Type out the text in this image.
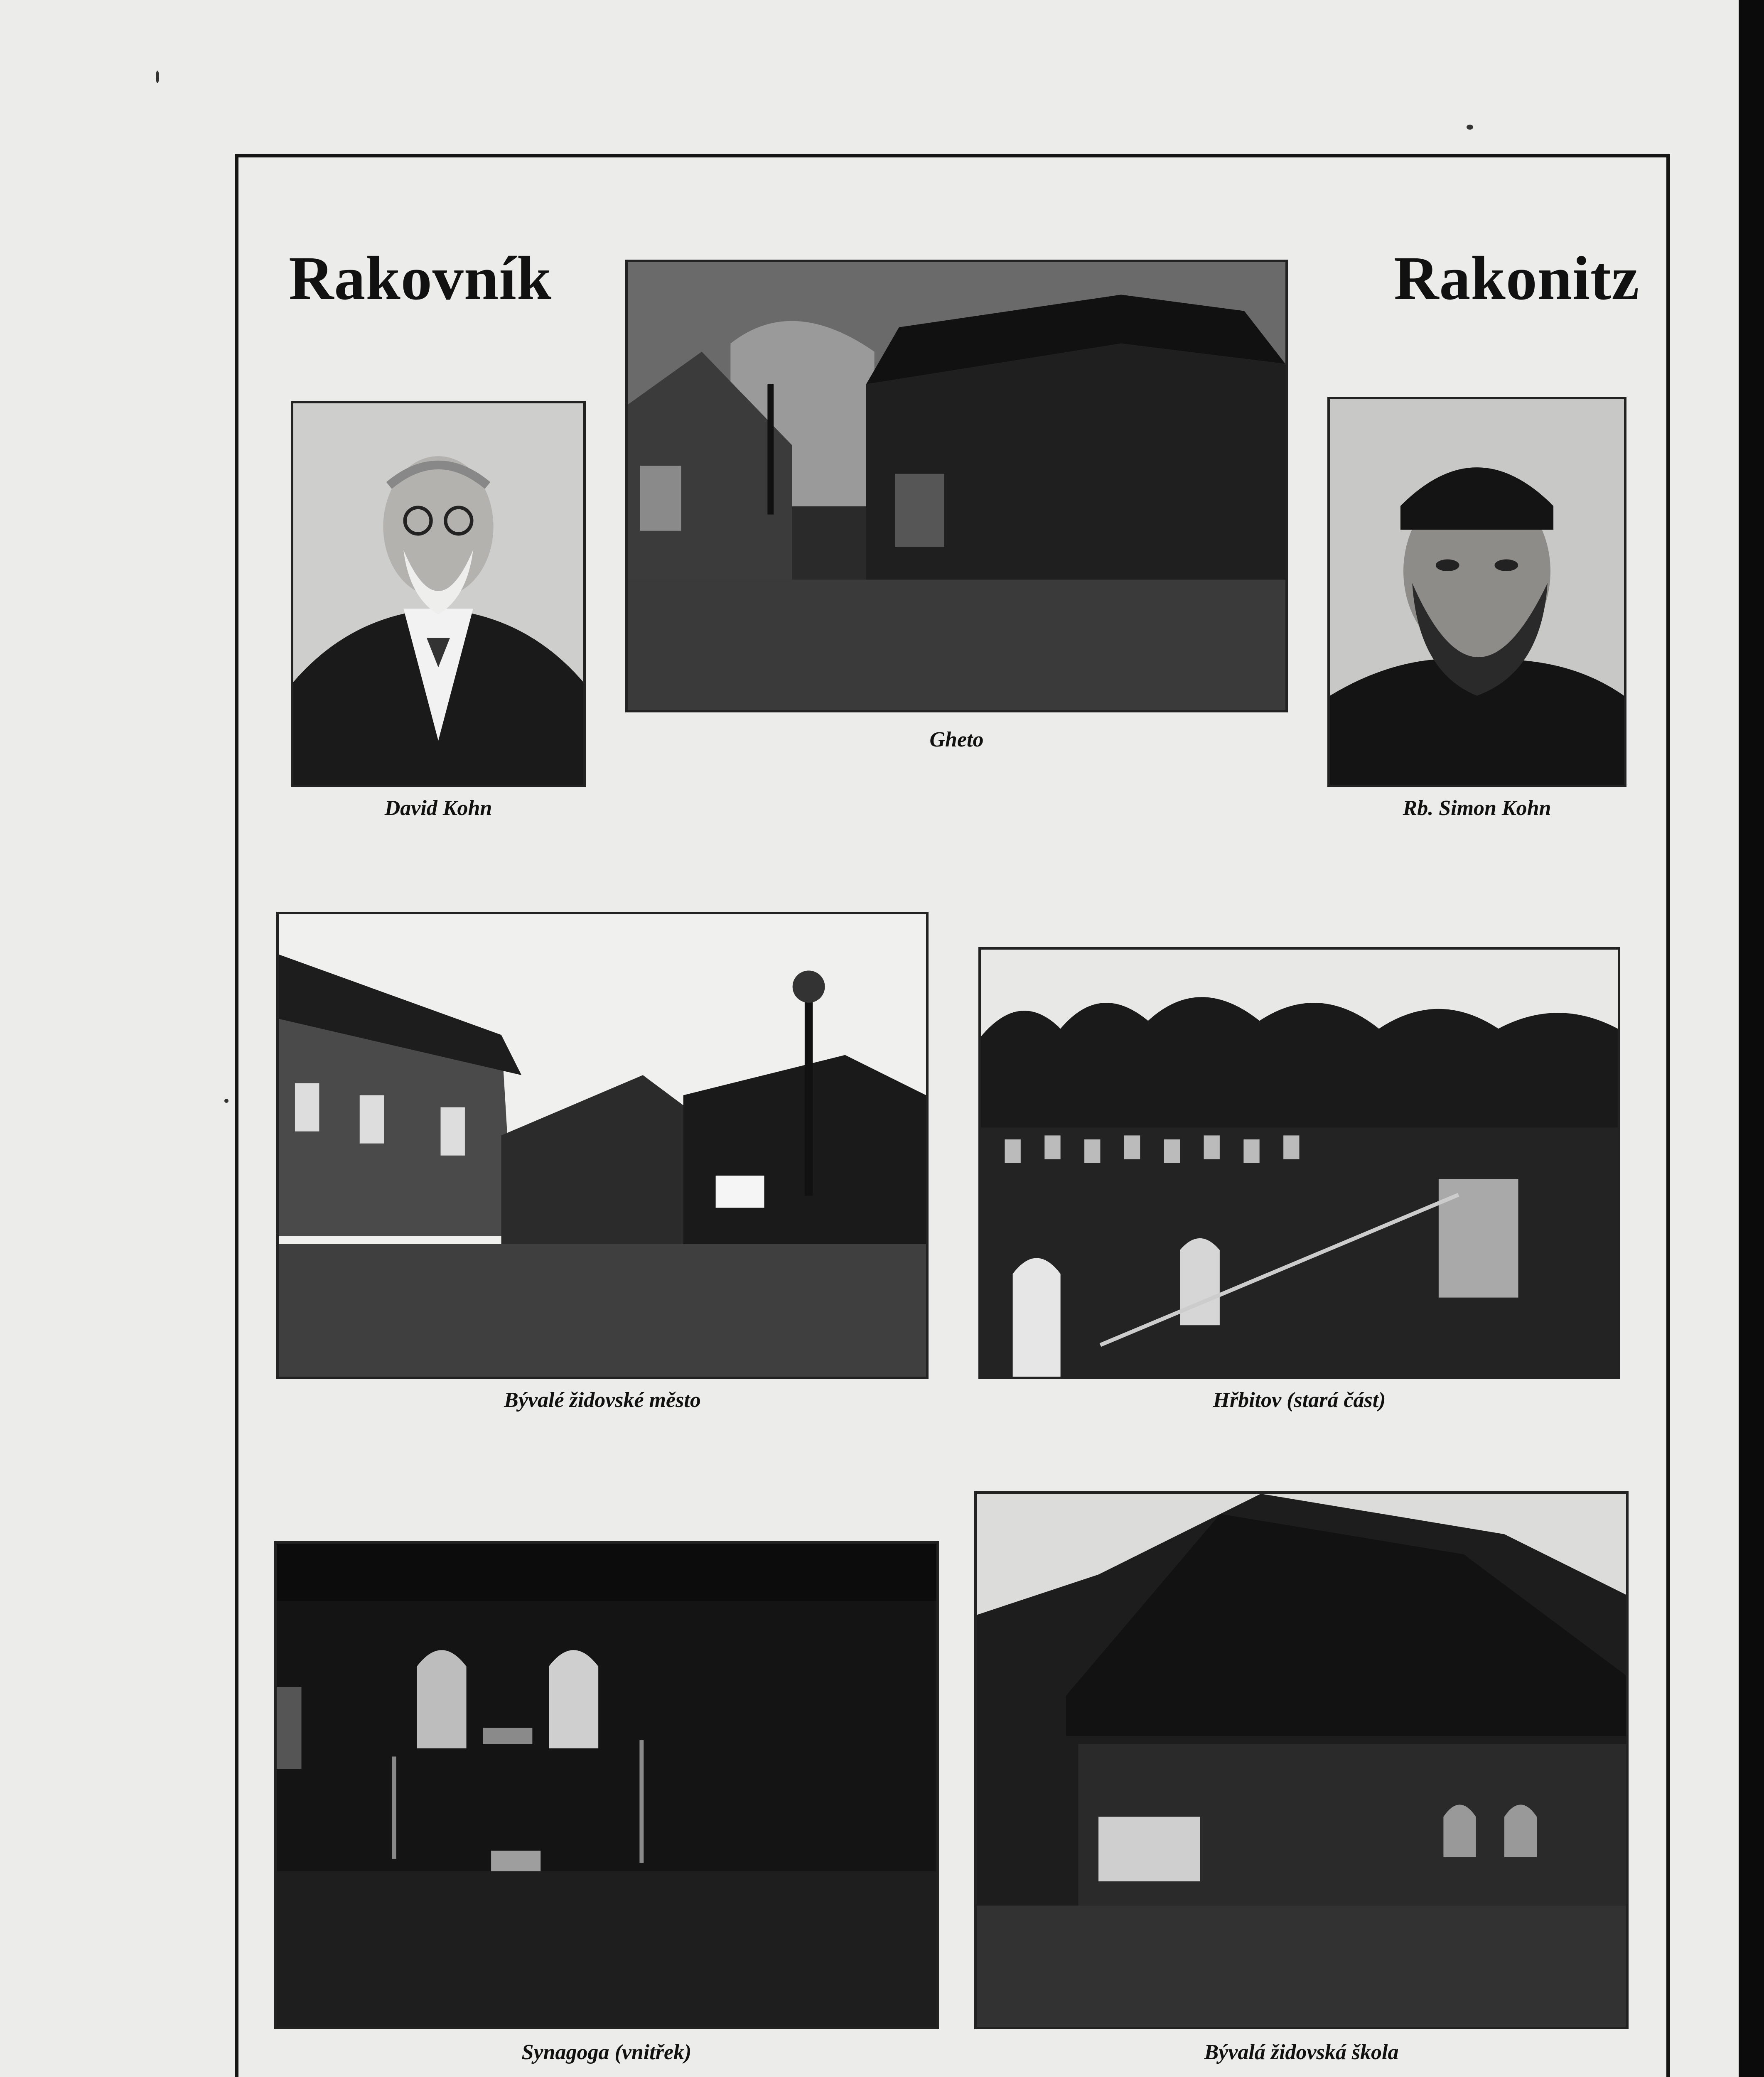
Rakovník	Rakonitz
David Kohn
Gheto
Rb. Simon Kohn
Bývalé židovské město	Hřbitov (stará část)
Synagoga (vnitřek)	Bývalá židovská škola
